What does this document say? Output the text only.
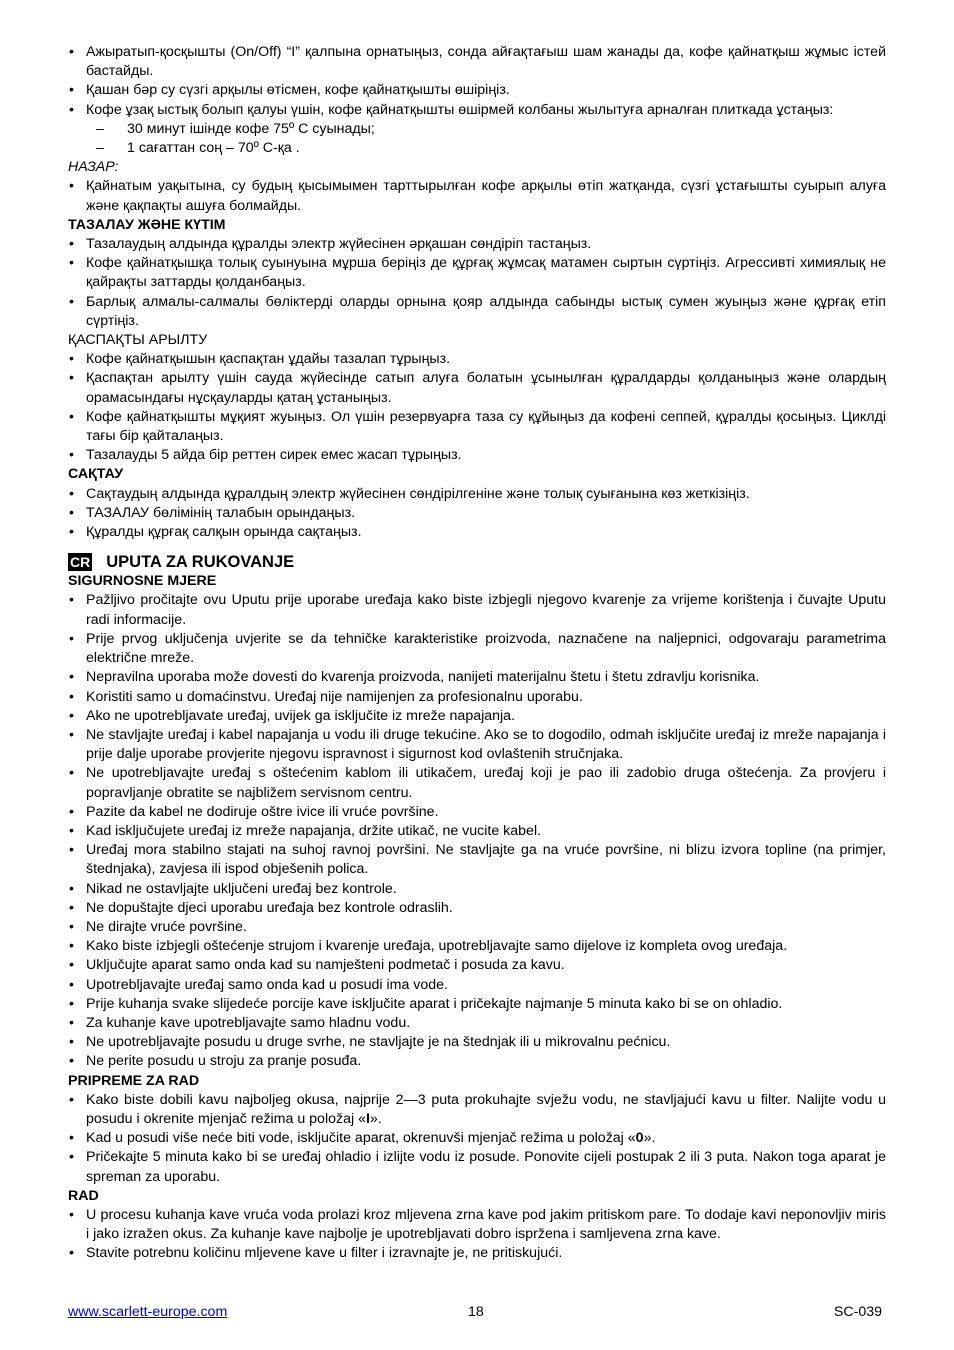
• Ажыратып-қосқышты (On/Off) “I” қалпына орнатыңыз, сонда айғақтағыш шам жанады да, кофе қайнатқыш жұмыс істей бастайды.
• Қашан бәр су сүзгі арқылы өтісмен, кофе қайнатқышты өшіріңіз.
• Кофе ұзақ ыстық болып қалуы үшін, кофе қайнатқышты өшірмей колбаны жылытуға арналған плиткада ұстаңыз:
– 30 минут ішінде кофе 75º С суынады;
– 1 сағаттан соң – 70º С-қа .
НАЗАР:
• Қайнатым уақытына, су будың қысымымен тарттырылған кофе арқылы өтіп жатқанда, сүзгі ұстағышты суырып алуға және қақпақты ашуға болмайды.
ТАЗАЛАУ ЖӘНЕ КҮТІМ
• Тазалаудың алдында құралды электр жүйесінен әрқашан сөндіріп тастаңыз.
• Кофе қайнатқышқа толық суынуына мұрша беріңіз де құрғақ жұмсақ матамен сыртын сүртіңіз. Агрессивті химиялық не қайрақты заттарды қолданбаңыз.
• Барлық алмалы-салмалы бөліктерді оларды орнына қояр алдында сабынды ыстық сумен жуыңыз және құрғақ етіп сүртіңіз.
ҚАСПАҚТЫ АРЫЛТУ
• Кофе қайнатқышын қаспақтан ұдайы тазалап тұрыңыз.
• Қаспақтан арылту үшін сауда жүйесінде сатып алуға болатын ұсынылған құралдарды қолданыңыз және олардың орамасындағы нұсқауларды қатаң ұстаныңыз.
• Кофе қайнатқышты мұқият жуыңыз. Ол үшін резервуарға таза су құйыңыз да кофені сеппей, құралды қосыңыз. Циклді тағы бір қайталаңыз.
• Тазалауды 5 айда бір реттен сирек емес жасап тұрыңыз.
САҚТАУ
• Сақтаудың алдында құралдың электр жүйесінен сөндірілгеніне және толық суығанына көз жеткізіңіз.
• ТАЗАЛАУ бөлімінің талабын орындаңыз.
• Құралды құрғақ салқын орында сақтаңыз.
CR UPUTA ZA RUKOVANJE
SIGURNOSNE MJERE
• Pažljivo pročitajte ovu Uputu prije uporabe uređaja kako biste izbjegli njegovo kvarenje za vrijeme korištenja i čuvajte Uputu radi informacije.
• Prije prvog uključenja uvjerite se da tehničke karakteristike proizvoda, naznačene na naljepnici, odgovaraju parametrima električne mreže.
• Nepravilna uporaba može dovesti do kvarenja proizvoda, nanijeti materijalnu štetu i štetu zdravlju korisnika.
• Koristiti samo u domaćinstvu. Uređaj nije namijenjen za profesionalnu uporabu.
• Ako ne upotrebljavate uređaj, uvijek ga isključite iz mreže napajanja.
• Ne stavljajte uređaj i kabel napajanja u vodu ili druge tekućine. Ako se to dogodilo, odmah isključite uređaj iz mreže napajanja i prije dalje uporabe provjerite njegovu ispravnost i sigurnost kod ovlaštenih stručnjaka.
• Ne upotrebljavajte uređaj s oštećenim kablom ili utikačem, uređaj koji je pao ili zadobio druga oštećenja. Za provjeru i popravljanje obratite se najbližem servisnom centru.
• Pazite da kabel ne dodiruje oštre ivice ili vruće površine.
• Kad isključujete uređaj iz mreže napajanja, držite utikač, ne vucite kabel.
• Uređaj mora stabilno stajati na suhoj ravnoj površini. Ne stavljajte ga na vruće površine, ni blizu izvora topline (na primjer, štednjaka), zavjesa ili ispod obješenih polica.
• Nikad ne ostavljajte uključeni uređaj bez kontrole.
• Ne dopuštajte djeci uporabu uređaja bez kontrole odraslih.
• Ne dirajte vruće površine.
• Kako biste izbjegli oštećenje strujom i kvarenje uređaja, upotrebljavajte samo dijelove iz kompleta ovog uređaja.
• Uključujte aparat samo onda kad su namješteni podmetač i posuda za kavu.
• Upotrebljavajte uređaj samo onda kad u posudi ima vode.
• Prije kuhanja svake slijedeće porcije kave isključite aparat i pričekajte najmanje 5 minuta kako bi se on ohladio.
• Za kuhanje kave upotrebljavajte samo hladnu vodu.
• Ne upotrebljavajte posudu u druge svrhe, ne stavljajte je na štednjak ili u mikrovalnu pećnicu.
• Ne perite posudu u stroju za pranje posuđa.
PRIPREME ZA RAD
• Kako biste dobili kavu najboljeg okusa, najprije 2—3 puta prokuhajte svježu vodu, ne stavljajući kavu u filter. Nalijte vodu u posudu i okrenite mjenjač režima u položaj «I».
• Kad u posudi više neće biti vode, isključite aparat, okrenuvši mjenjač režima u položaj «0».
• Pričekajte 5 minuta kako bi se uređaj ohladio i izlijte vodu iz posude. Ponovite cijeli postupak 2 ili 3 puta. Nakon toga aparat je spreman za uporabu.
RAD
• U procesu kuhanja kave vruća voda prolazi kroz mljevena zrna kave pod jakim pritiskom pare. To dodaje kavi neponovljiv miris i jako izražen okus. Za kuhanje kave najbolje je upotrebljavati dobro ispržena i samljevena zrna kave.
• Stavite potrebnu količinu mljevene kave u filter i izravnajte je, ne pritiskujući.
www.scarlett-europe.com	18	SC-039
